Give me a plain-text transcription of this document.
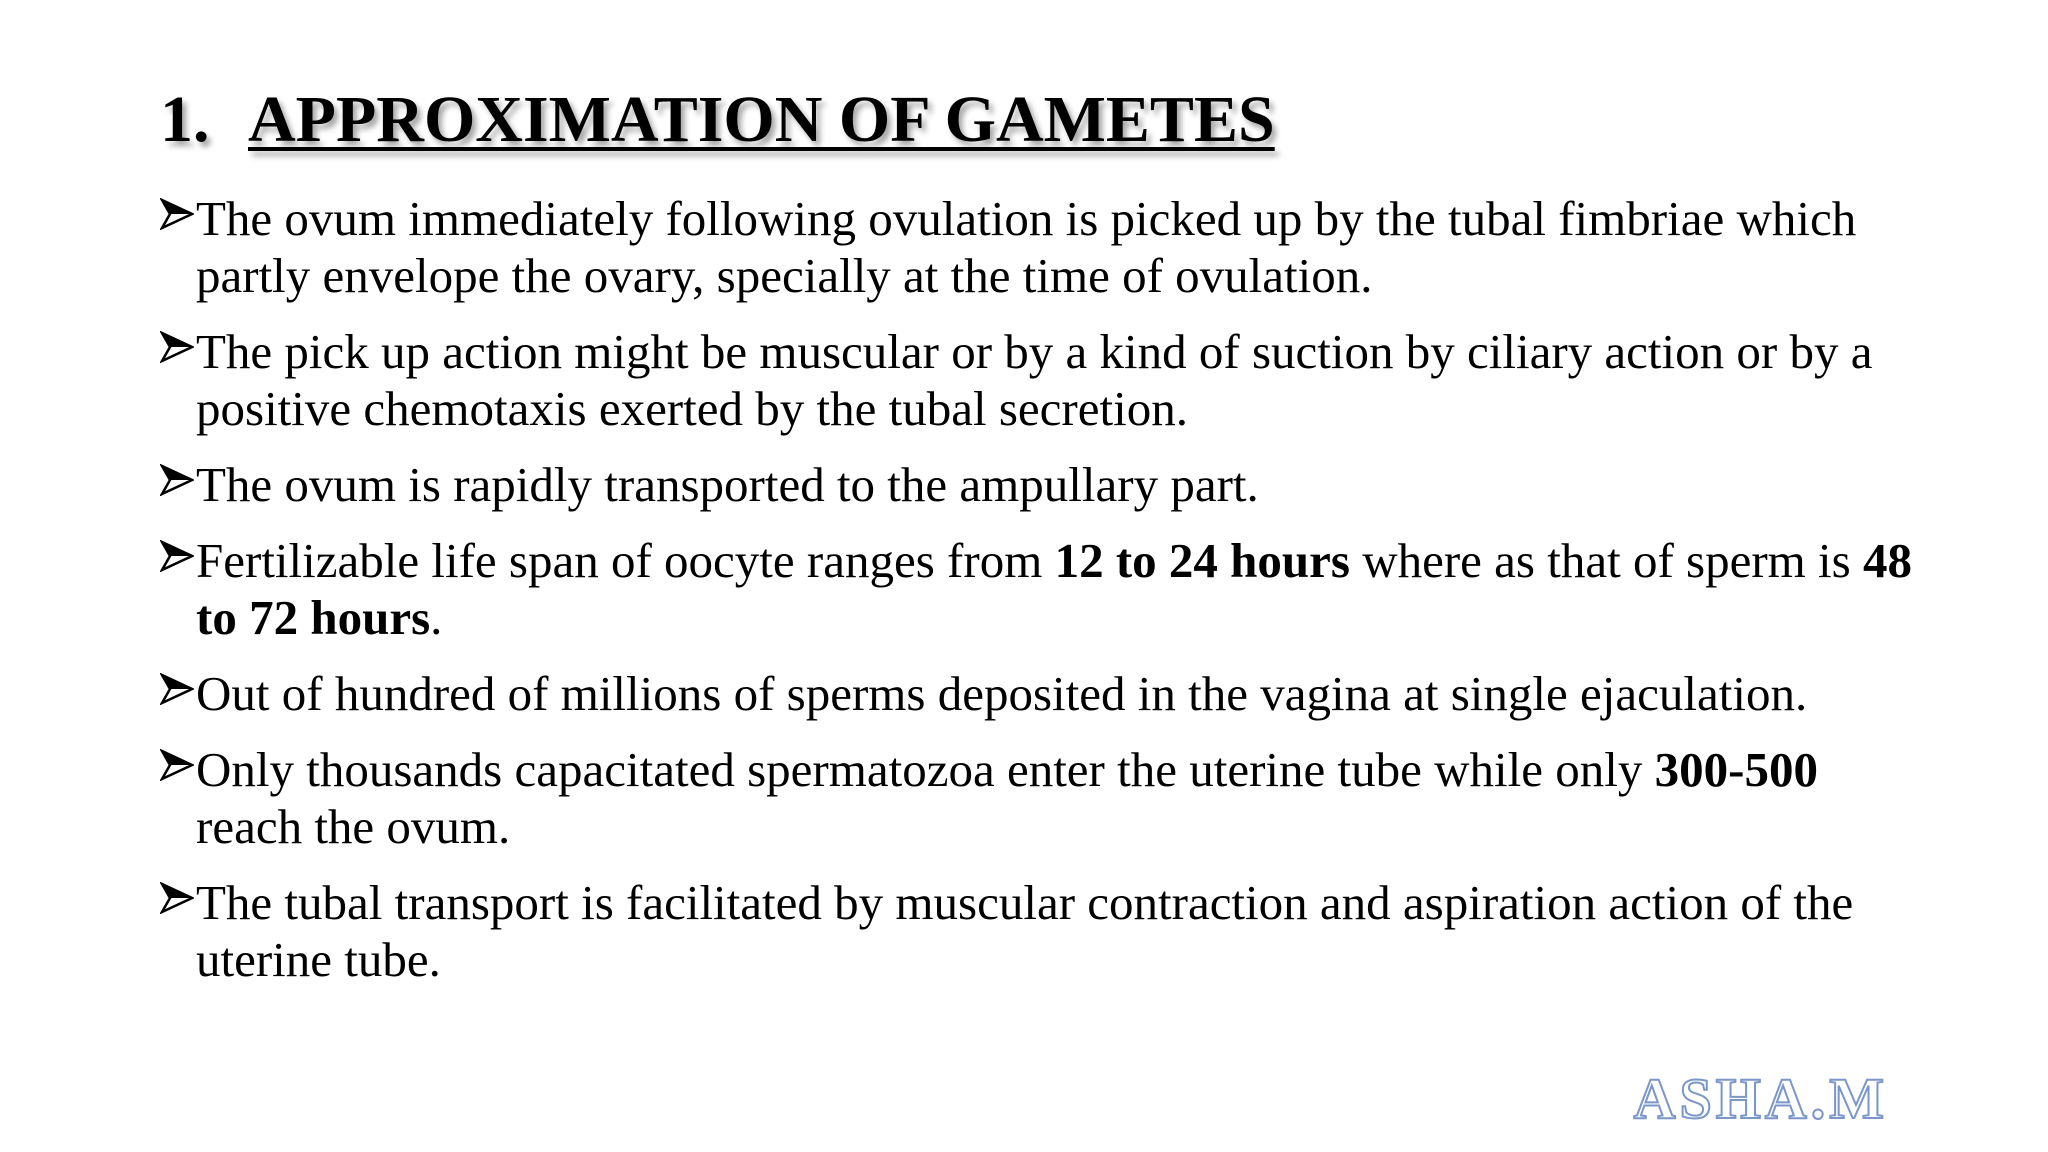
1. APPROXIMATION OF GAMETES
The ovum immediately following ovulation is picked up by the tubal fimbriae which partly envelope the ovary, specially at the time of ovulation.
The pick up action might be muscular or by a kind of suction by ciliary action or by a positive chemotaxis exerted by the tubal secretion.
The ovum is rapidly transported to the ampullary part.
Fertilizable life span of oocyte ranges from 12 to 24 hours where as that of sperm is 48 to 72 hours.
Out of hundred of millions of sperms deposited in the vagina at single ejaculation.
Only thousands capacitated spermatozoa enter the uterine tube while only 300-500 reach the ovum.
The tubal transport is facilitated by muscular contraction and aspiration action of the uterine tube.
ASHA.M
